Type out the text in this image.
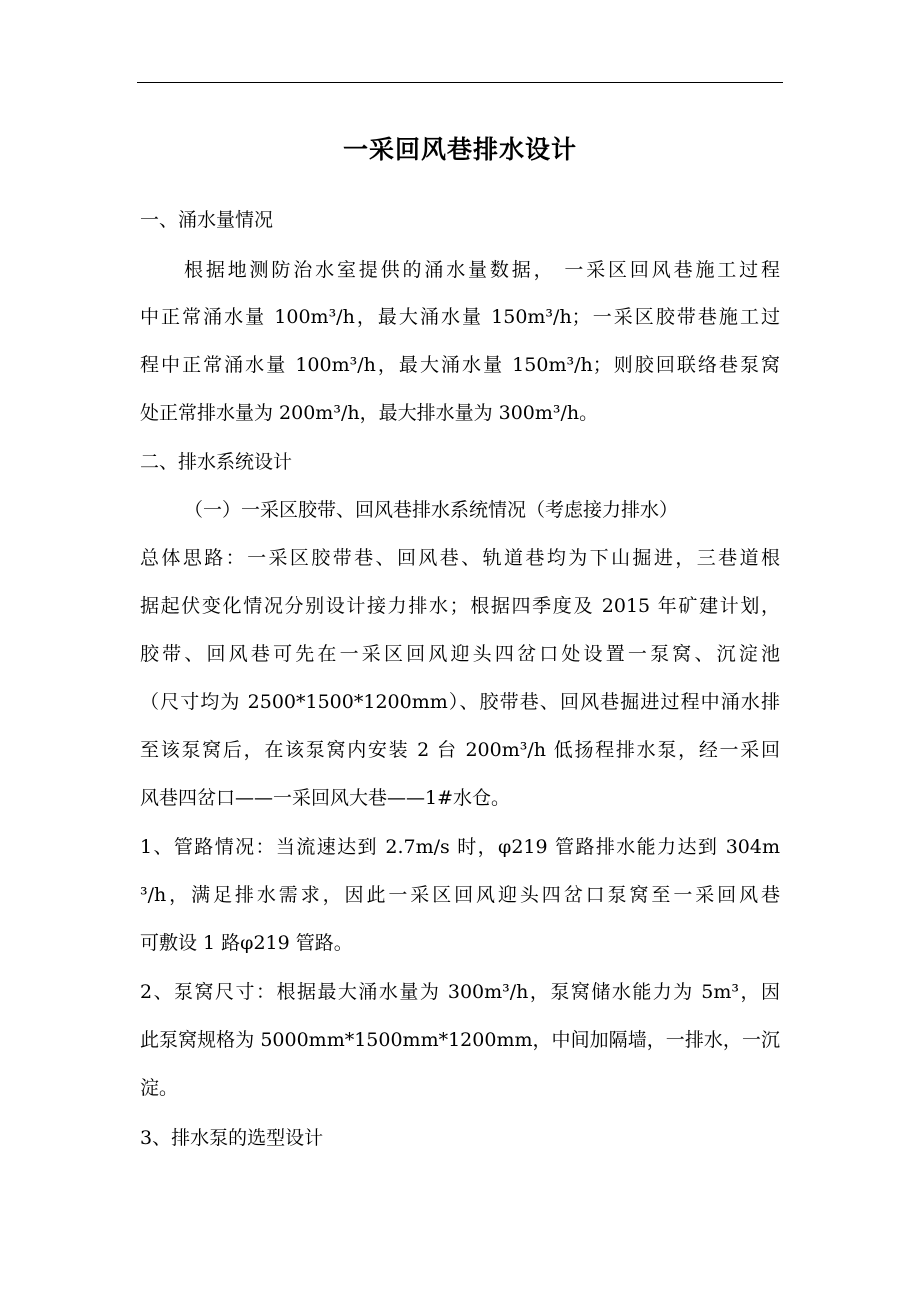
一采回风巷排水设计
一、涌水量情况
根据地测防治水室提供的涌水量数据， 一采区回风巷施工过程
中正常涌水量 100m³/h，最大涌水量 150m³/h；一采区胶带巷施工过
程中正常涌水量 100m³/h，最大涌水量 150m³/h；则胶回联络巷泵窝
处正常排水量为 200m³/h，最大排水量为 300m³/h。
二、排水系统设计
（一）一采区胶带、回风巷排水系统情况（考虑接力排水）
总体思路：一采区胶带巷、回风巷、轨道巷均为下山掘进，三巷道根
据起伏变化情况分别设计接力排水；根据四季度及 2015 年矿建计划，
胶带、回风巷可先在一采区回风迎头四岔口处设置一泵窝、沉淀池
（尺寸均为 2500*1500*1200mm）、胶带巷、回风巷掘进过程中涌水排
至该泵窝后，在该泵窝内安装 2 台 200m³/h 低扬程排水泵，经一采回
风巷四岔口——一采回风大巷——1#水仓。
1、管路情况：当流速达到 2.7m/s 时，φ219 管路排水能力达到 304m
³/h，满足排水需求，因此一采区回风迎头四岔口泵窝至一采回风巷
可敷设 1 路φ219 管路。
2、泵窝尺寸：根据最大涌水量为 300m³/h，泵窝储水能力为 5m³，因
此泵窝规格为 5000mm*1500mm*1200mm，中间加隔墙，一排水，一沉
淀。
3、排水泵的选型设计
